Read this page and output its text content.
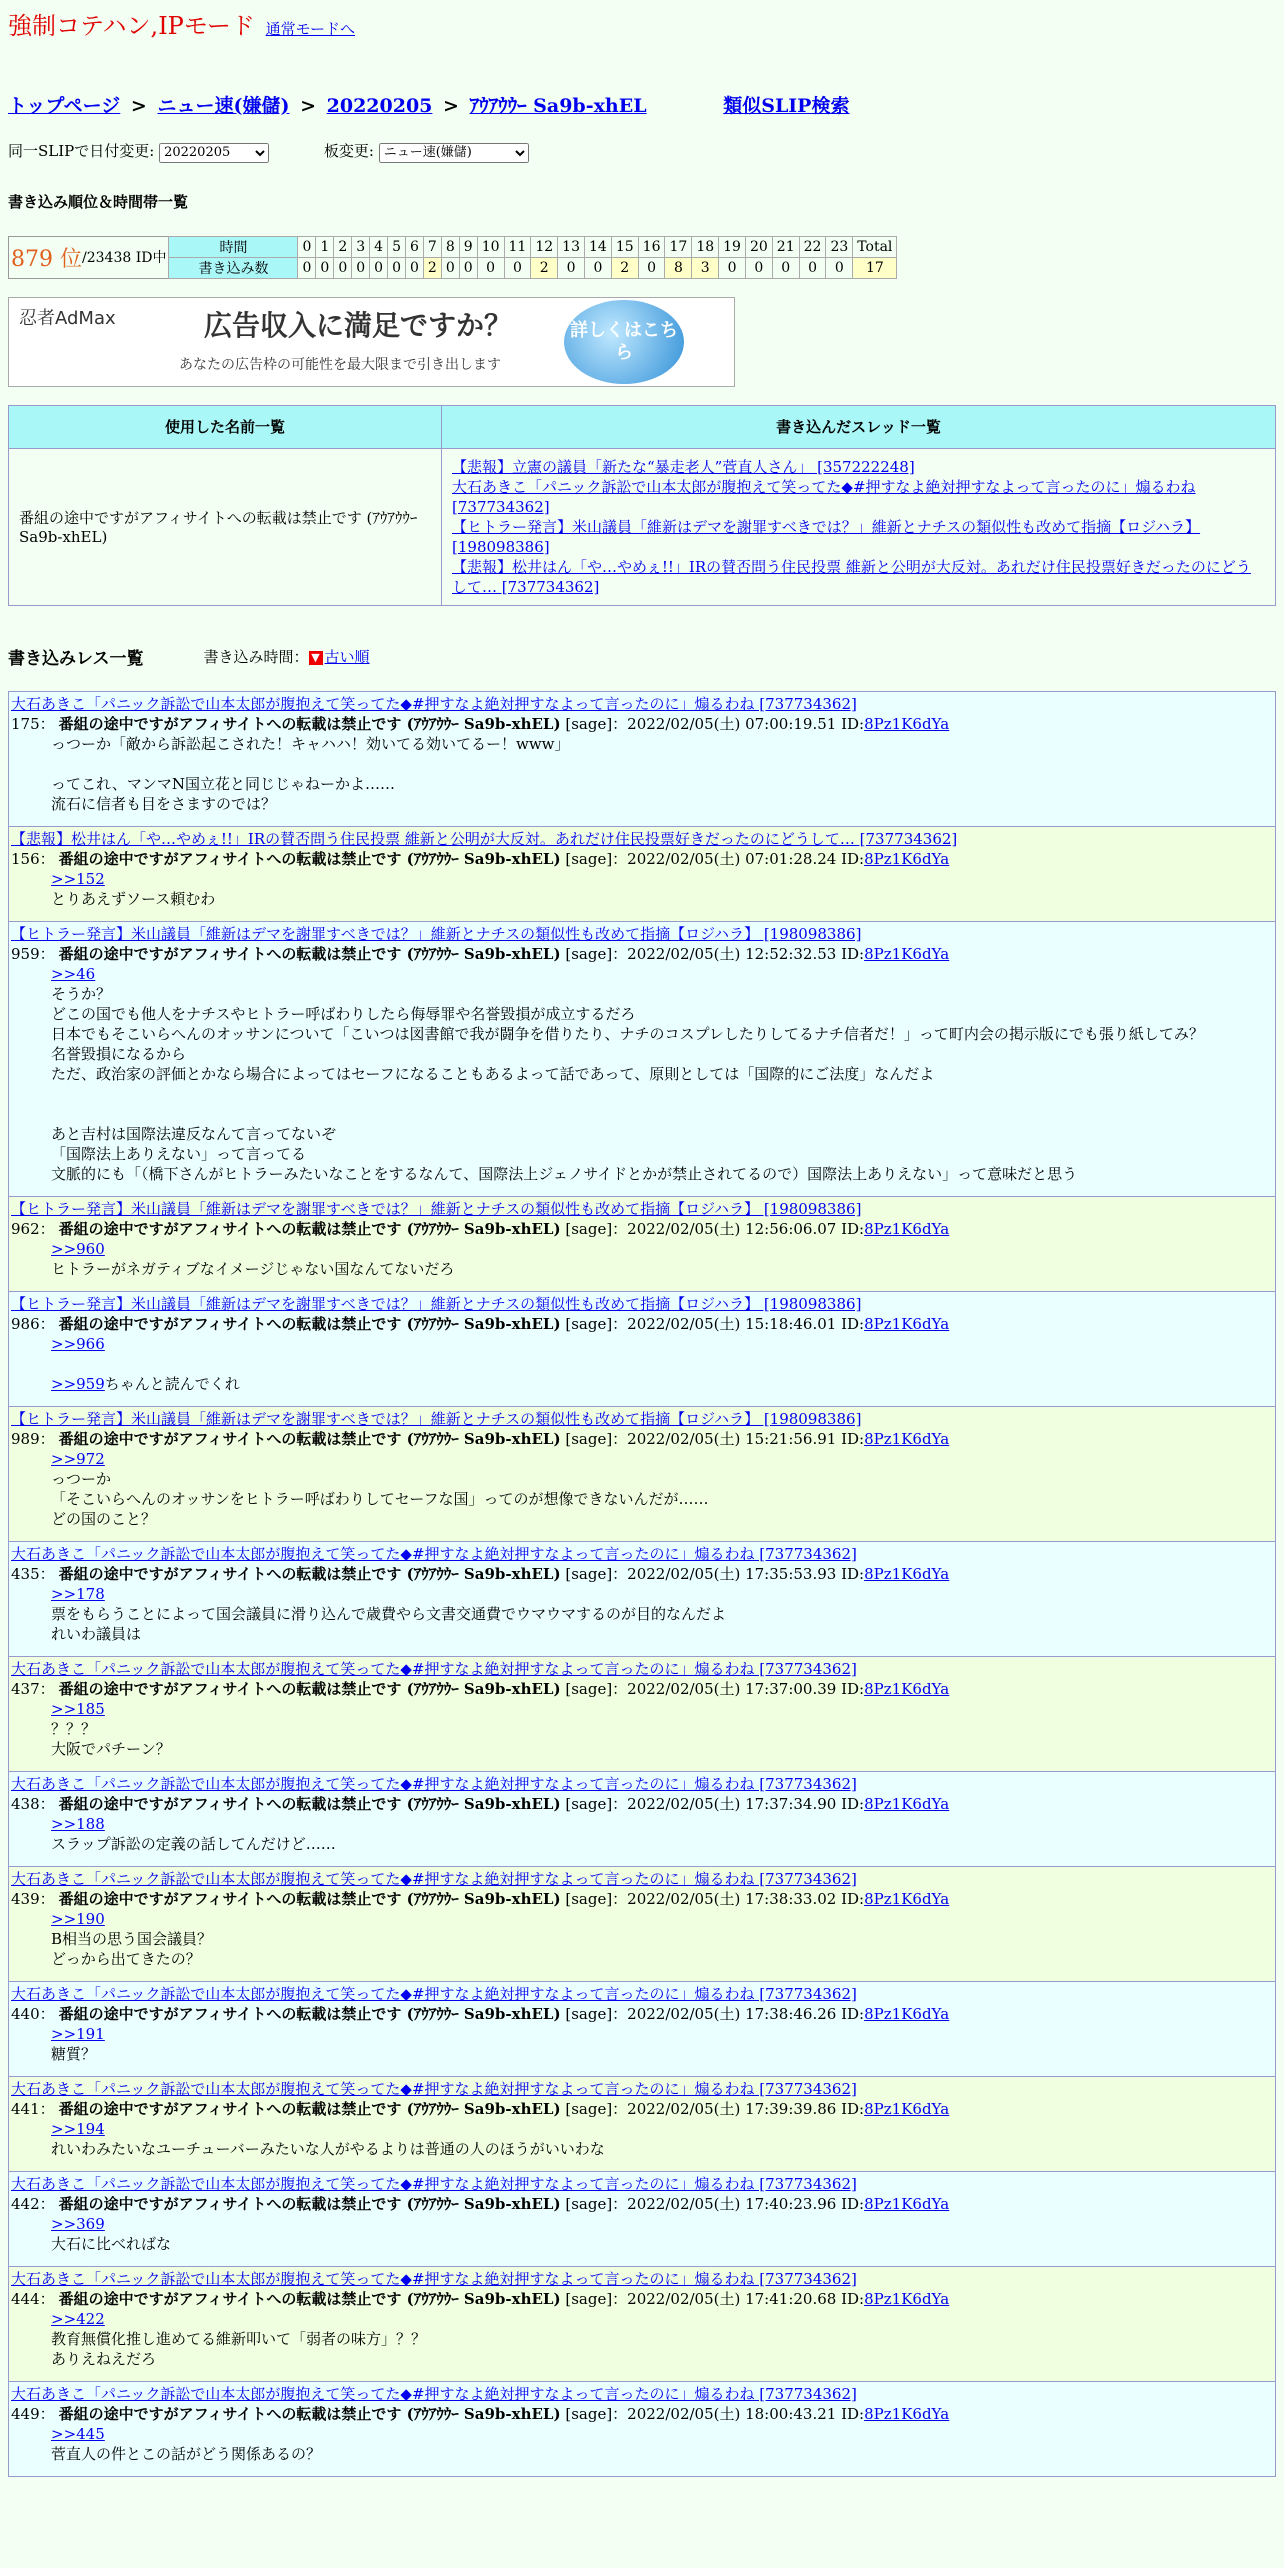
強制コテハン,IPモード 通常モードへ
トップページ > ニュー速(嫌儲) > 20220205 > ｱｳｱｳｳｰ Sa9b-xhEL	類似SLIP検索
同一SLIPで日付変更:
20220205	板変更:
ニュー速(嫌儲)
書き込み順位＆時間帯一覧
879 位 /23438 ID中
時間	0	1	2	3	4	5	6	7	8	9	10	11	12	13	14	15	16	17	18	19	20	21	22	23	Total
書き込み数	0	0	0	0	0	0	0	2	0	0	0	0	2	0	0	2	0	8	3	0	0	0	0	0	17
忍者AdMax	広告収入に満足ですか？
あなたの広告枠の可能性を最大限まで引き出します
詳しくはこちら
使用した名前一覧	書き込んだスレッド一覧
番組の途中ですがアフィサイトへの転載は禁止です (ｱｳｱｳｳｰ Sa9b-xhEL)	【悲報】立憲の議員「新たな“暴走老人”菅直人さん」 [357222248]
大石あきこ「パニック訴訟で山本太郎が腹抱えて笑ってた◆#押すなよ絶対押すなよって言ったのに」煽るわね [737734362]
【ヒトラー発言】米山議員「維新はデマを謝罪すべきでは？」維新とナチスの類似性も改めて指摘【ロジハラ】 [198098386]
【悲報】松井はん「や…やめぇ!!」IRの賛否問う住民投票 維新と公明が大反対。あれだけ住民投票好きだったのにどうして… [737734362]

書き込みレス一覧	書き込み時間： ▼ 古い順
大石あきこ「パニック訴訟で山本太郎が腹抱えて笑ってた◆#押すなよ絶対押すなよって言ったのに」煽るわね [737734362]
175： 番組の途中ですがアフィサイトへの転載は禁止です (ｱｳｱｳｳｰ Sa9b-xhEL) [sage]：2022/02/05(土) 07:00:19.51 ID:8Pz1K6dYa
っつーか「敵から訴訟起こされた！キャハハ！効いてる効いてるー！www」
ってこれ、マンマN国立花と同じじゃねーかよ……
流石に信者も目をさますのでは？
【悲報】松井はん「や…やめぇ!!」IRの賛否問う住民投票 維新と公明が大反対。あれだけ住民投票好きだったのにどうして… [737734362]
156： 番組の途中ですがアフィサイトへの転載は禁止です (ｱｳｱｳｳｰ Sa9b-xhEL) [sage]：2022/02/05(土) 07:01:28.24 ID:8Pz1K6dYa
>>152
とりあえずソース頼むわ
【ヒトラー発言】米山議員「維新はデマを謝罪すべきでは？」維新とナチスの類似性も改めて指摘【ロジハラ】 [198098386]
959： 番組の途中ですがアフィサイトへの転載は禁止です (ｱｳｱｳｳｰ Sa9b-xhEL) [sage]：2022/02/05(土) 12:52:32.53 ID:8Pz1K6dYa
>>46
そうか？
どこの国でも他人をナチスやヒトラー呼ばわりしたら侮辱罪や名誉毀損が成立するだろ
日本でもそこいらへんのオッサンについて「こいつは図書館で我が闘争を借りたり、ナチのコスプレしたりしてるナチ信者だ！」って町内会の掲示版にでも張り紙してみ？
名誉毀損になるから
ただ、政治家の評価とかなら場合によってはセーフになることもあるよって話であって、原則としては「国際的にご法度」なんだよ
あと吉村は国際法違反なんて言ってないぞ
「国際法上ありえない」って言ってる
文脈的にも「（橋下さんがヒトラーみたいなことをするなんて、国際法上ジェノサイドとかが禁止されてるので）国際法上ありえない」って意味だと思う
【ヒトラー発言】米山議員「維新はデマを謝罪すべきでは？」維新とナチスの類似性も改めて指摘【ロジハラ】 [198098386]
962： 番組の途中ですがアフィサイトへの転載は禁止です (ｱｳｱｳｳｰ Sa9b-xhEL) [sage]：2022/02/05(土) 12:56:06.07 ID:8Pz1K6dYa
>>960
ヒトラーがネガティブなイメージじゃない国なんてないだろ
【ヒトラー発言】米山議員「維新はデマを謝罪すべきでは？」維新とナチスの類似性も改めて指摘【ロジハラ】 [198098386]
986： 番組の途中ですがアフィサイトへの転載は禁止です (ｱｳｱｳｳｰ Sa9b-xhEL) [sage]：2022/02/05(土) 15:18:46.01 ID:8Pz1K6dYa
>>966
>>959ちゃんと読んでくれ
【ヒトラー発言】米山議員「維新はデマを謝罪すべきでは？」維新とナチスの類似性も改めて指摘【ロジハラ】 [198098386]
989： 番組の途中ですがアフィサイトへの転載は禁止です (ｱｳｱｳｳｰ Sa9b-xhEL) [sage]：2022/02/05(土) 15:21:56.91 ID:8Pz1K6dYa
>>972
っつーか
「そこいらへんのオッサンをヒトラー呼ばわりしてセーフな国」ってのが想像できないんだが……
どの国のこと？
大石あきこ「パニック訴訟で山本太郎が腹抱えて笑ってた◆#押すなよ絶対押すなよって言ったのに」煽るわね [737734362]
435： 番組の途中ですがアフィサイトへの転載は禁止です (ｱｳｱｳｳｰ Sa9b-xhEL) [sage]：2022/02/05(土) 17:35:53.93 ID:8Pz1K6dYa
>>178
票をもらうことによって国会議員に滑り込んで歳費やら文書交通費でウマウマするのが目的なんだよ
れいわ議員は
大石あきこ「パニック訴訟で山本太郎が腹抱えて笑ってた◆#押すなよ絶対押すなよって言ったのに」煽るわね [737734362]
437： 番組の途中ですがアフィサイトへの転載は禁止です (ｱｳｱｳｳｰ Sa9b-xhEL) [sage]：2022/02/05(土) 17:37:00.39 ID:8Pz1K6dYa
>>185
？？？
大阪でパチーン？
大石あきこ「パニック訴訟で山本太郎が腹抱えて笑ってた◆#押すなよ絶対押すなよって言ったのに」煽るわね [737734362]
438： 番組の途中ですがアフィサイトへの転載は禁止です (ｱｳｱｳｳｰ Sa9b-xhEL) [sage]：2022/02/05(土) 17:37:34.90 ID:8Pz1K6dYa
>>188
スラップ訴訟の定義の話してんだけど……
大石あきこ「パニック訴訟で山本太郎が腹抱えて笑ってた◆#押すなよ絶対押すなよって言ったのに」煽るわね [737734362]
439： 番組の途中ですがアフィサイトへの転載は禁止です (ｱｳｱｳｳｰ Sa9b-xhEL) [sage]：2022/02/05(土) 17:38:33.02 ID:8Pz1K6dYa
>>190
B相当の思う国会議員？
どっから出てきたの？
大石あきこ「パニック訴訟で山本太郎が腹抱えて笑ってた◆#押すなよ絶対押すなよって言ったのに」煽るわね [737734362]
440： 番組の途中ですがアフィサイトへの転載は禁止です (ｱｳｱｳｳｰ Sa9b-xhEL) [sage]：2022/02/05(土) 17:38:46.26 ID:8Pz1K6dYa
>>191
糖質？
大石あきこ「パニック訴訟で山本太郎が腹抱えて笑ってた◆#押すなよ絶対押すなよって言ったのに」煽るわね [737734362]
441： 番組の途中ですがアフィサイトへの転載は禁止です (ｱｳｱｳｳｰ Sa9b-xhEL) [sage]：2022/02/05(土) 17:39:39.86 ID:8Pz1K6dYa
>>194
れいわみたいなユーチューバーみたいな人がやるよりは普通の人のほうがいいわな
大石あきこ「パニック訴訟で山本太郎が腹抱えて笑ってた◆#押すなよ絶対押すなよって言ったのに」煽るわね [737734362]
442： 番組の途中ですがアフィサイトへの転載は禁止です (ｱｳｱｳｳｰ Sa9b-xhEL) [sage]：2022/02/05(土) 17:40:23.96 ID:8Pz1K6dYa
>>369
大石に比べればな
大石あきこ「パニック訴訟で山本太郎が腹抱えて笑ってた◆#押すなよ絶対押すなよって言ったのに」煽るわね [737734362]
444： 番組の途中ですがアフィサイトへの転載は禁止です (ｱｳｱｳｳｰ Sa9b-xhEL) [sage]：2022/02/05(土) 17:41:20.68 ID:8Pz1K6dYa
>>422
教育無償化推し進めてる維新叩いて「弱者の味方」？？
ありえねえだろ
大石あきこ「パニック訴訟で山本太郎が腹抱えて笑ってた◆#押すなよ絶対押すなよって言ったのに」煽るわね [737734362]
449： 番組の途中ですがアフィサイトへの転載は禁止です (ｱｳｱｳｳｰ Sa9b-xhEL) [sage]：2022/02/05(土) 18:00:43.21 ID:8Pz1K6dYa
>>445
菅直人の件とこの話がどう関係あるの？
